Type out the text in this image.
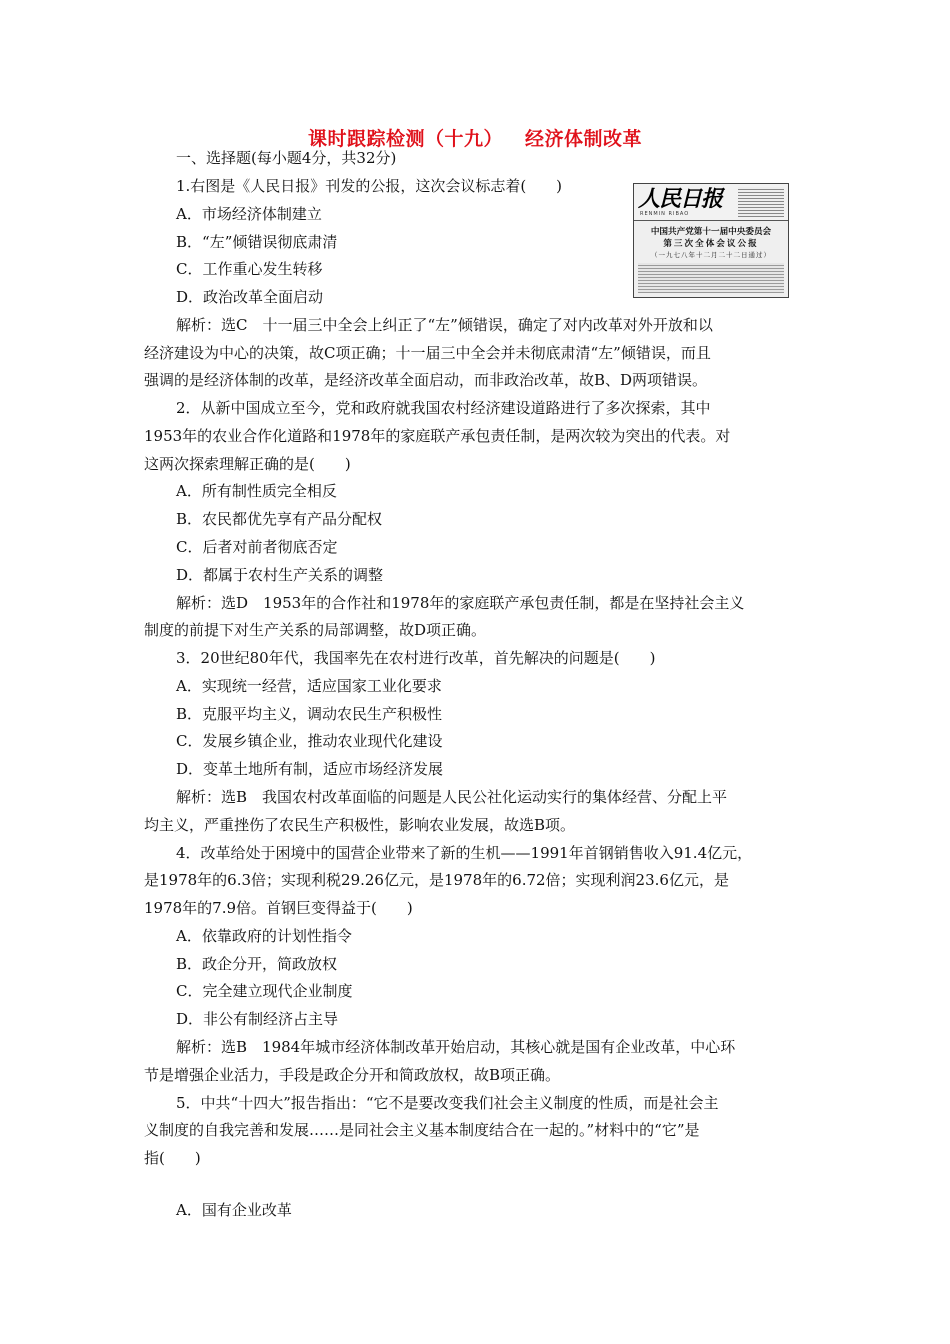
课时跟踪检测（十九） 经济体制改革
一、选择题(每小题4分，共32分)
人民日报
RENMIN RIBAO
中国共产党第十一届中央委员会
第三次全体会议公报
（一九七八年十二月二十二日通过）
1.右图是《人民日报》刊发的公报，这次会议标志着(　　)
A．市场经济体制建立
B．“左”倾错误彻底肃清
C．工作重心发生转移
D．政治改革全面启动
解析：选C　十一届三中全会上纠正了“左”倾错误，确定了对内改革对外开放和以
经济建设为中心的决策，故C项正确；十一届三中全会并未彻底肃清“左”倾错误，而且
强调的是经济体制的改革，是经济改革全面启动，而非政治改革，故B、D两项错误。
2．从新中国成立至今，党和政府就我国农村经济建设道路进行了多次探索，其中
1953年的农业合作化道路和1978年的家庭联产承包责任制，是两次较为突出的代表。对
这两次探索理解正确的是(　　)
A．所有制性质完全相反
B．农民都优先享有产品分配权
C．后者对前者彻底否定
D．都属于农村生产关系的调整
解析：选D　1953年的合作社和1978年的家庭联产承包责任制，都是在坚持社会主义
制度的前提下对生产关系的局部调整，故D项正确。
3．20世纪80年代，我国率先在农村进行改革，首先解决的问题是(　　)
A．实现统一经营，适应国家工业化要求
B．克服平均主义，调动农民生产积极性
C．发展乡镇企业，推动农业现代化建设
D．变革土地所有制，适应市场经济发展
解析：选B　我国农村改革面临的问题是人民公社化运动实行的集体经营、分配上平
均主义，严重挫伤了农民生产积极性，影响农业发展，故选B项。
4．改革给处于困境中的国营企业带来了新的生机——1991年首钢销售收入91.4亿元，
是1978年的6.3倍；实现利税29.26亿元，是1978年的6.72倍；实现利润23.6亿元，是
1978年的7.9倍。首钢巨变得益于(　　)
A．依靠政府的计划性指令
B．政企分开，简政放权
C．完全建立现代企业制度
D．非公有制经济占主导
解析：选B　1984年城市经济体制改革开始启动，其核心就是国有企业改革，中心环
节是增强企业活力，手段是政企分开和简政放权，故B项正确。
5．中共“十四大”报告指出：“它不是要改变我们社会主义制度的性质，而是社会主
义制度的自我完善和发展……是同社会主义基本制度结合在一起的。”材料中的“它”是
指(　　)
A．国有企业改革
